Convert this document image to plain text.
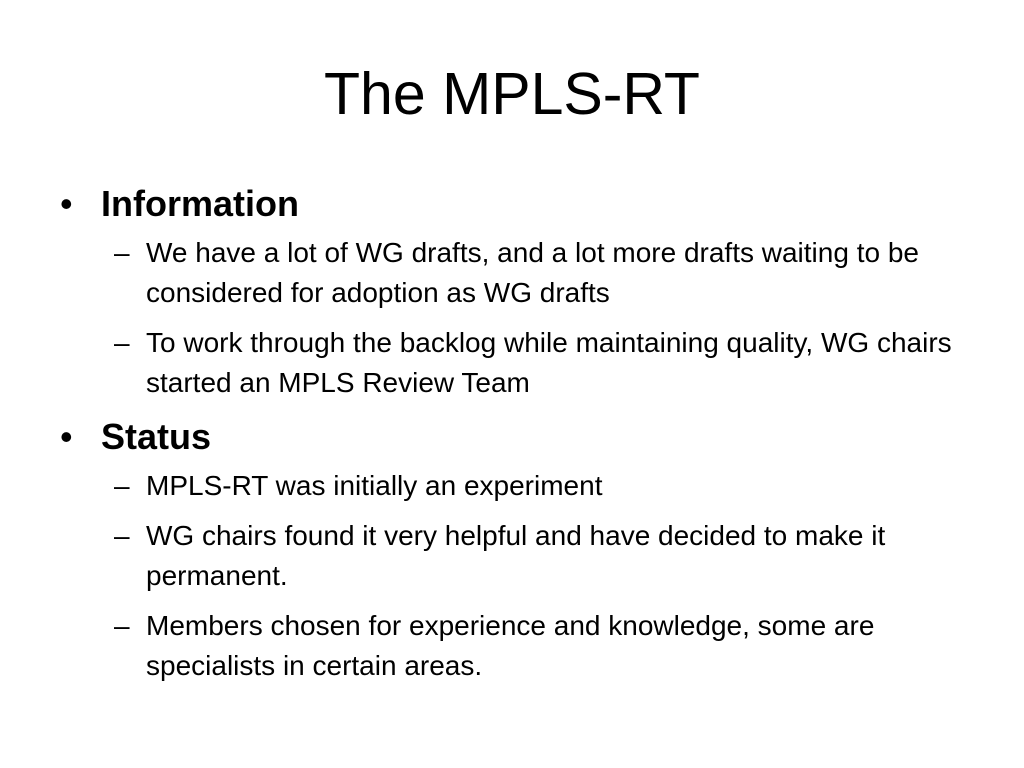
The MPLS-RT
• Information
– We have a lot of WG drafts, and a lot more drafts waiting to be considered for adoption as WG drafts
– To work through the backlog while maintaining quality, WG chairs started an MPLS Review Team
• Status
– MPLS-RT was initially an experiment
– WG chairs found it very helpful and have decided to make it permanent.
– Members chosen for experience and knowledge, some are specialists in certain areas.
